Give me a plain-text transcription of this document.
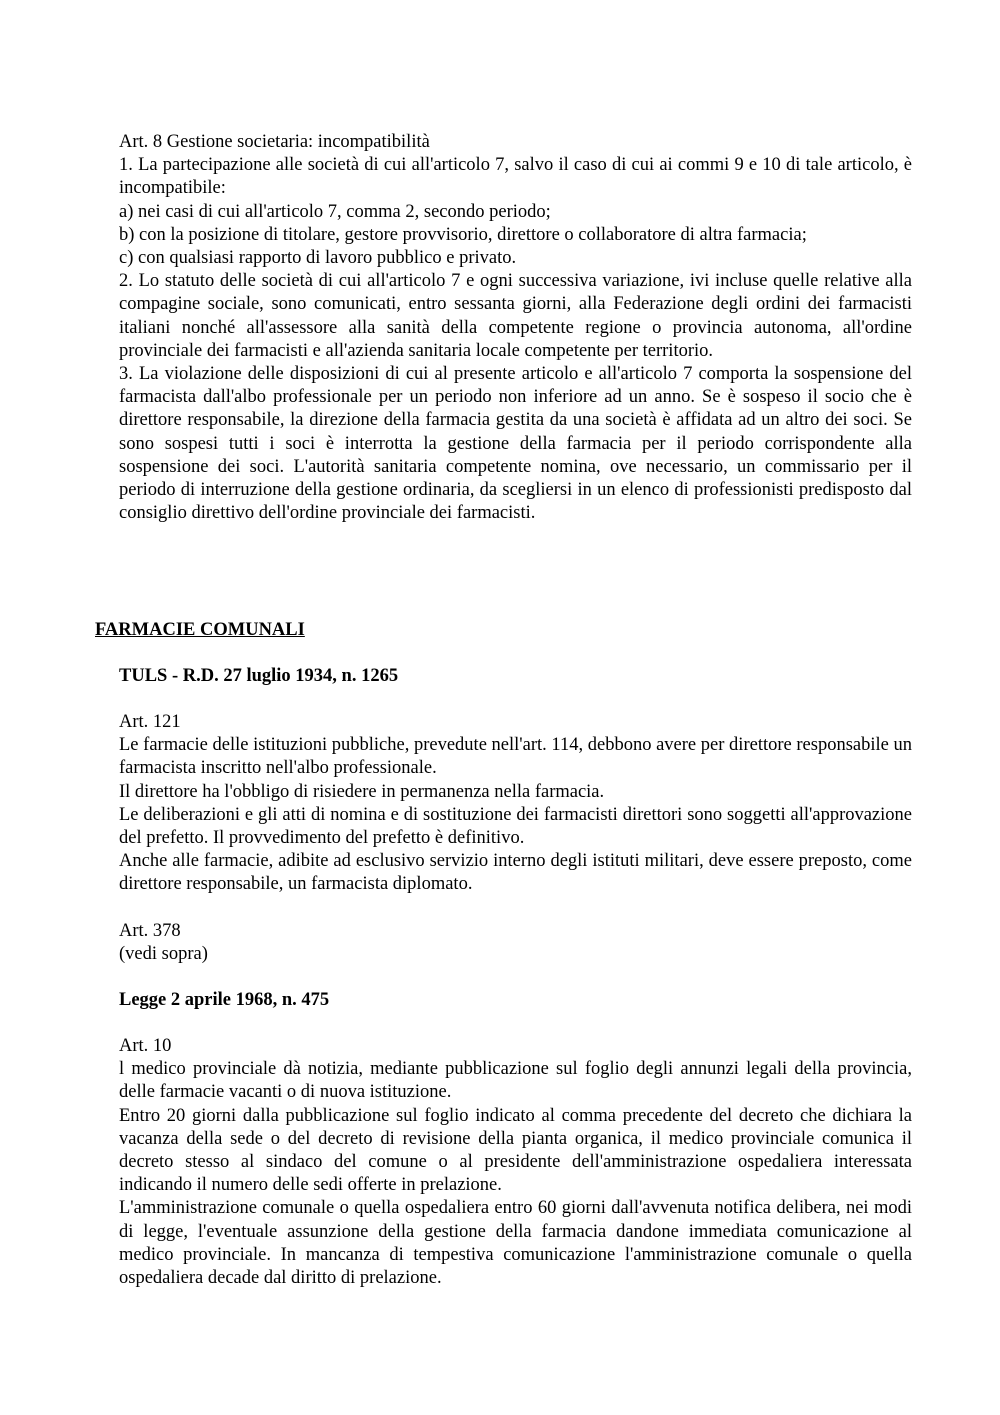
Art. 8 Gestione societaria: incompatibilità
1. La partecipazione alle società di cui all'articolo 7, salvo il caso di cui ai commi 9 e 10 di tale articolo, è incompatibile:
a) nei casi di cui all'articolo 7, comma 2, secondo periodo;
b) con la posizione di titolare, gestore provvisorio, direttore o collaboratore di altra farmacia;
c) con qualsiasi rapporto di lavoro pubblico e privato.
2. Lo statuto delle società di cui all'articolo 7 e ogni successiva variazione, ivi incluse quelle relative alla compagine sociale, sono comunicati, entro sessanta giorni, alla Federazione degli ordini dei farmacisti italiani nonché all'assessore alla sanità della competente regione o provincia autonoma, all'ordine provinciale dei farmacisti e all'azienda sanitaria locale competente per territorio.
3. La violazione delle disposizioni di cui al presente articolo e all'articolo 7 comporta la sospensione del farmacista dall'albo professionale per un periodo non inferiore ad un anno. Se è sospeso il socio che è direttore responsabile, la direzione della farmacia gestita da una società è affidata ad un altro dei soci. Se sono sospesi tutti i soci è interrotta la gestione della farmacia per il periodo corrispondente alla sospensione dei soci. L'autorità sanitaria competente nomina, ove necessario, un commissario per il periodo di interruzione della gestione ordinaria, da scegliersi in un elenco di professionisti predisposto dal consiglio direttivo dell'ordine provinciale dei farmacisti.
FARMACIE COMUNALI
TULS - R.D. 27 luglio 1934, n. 1265
Art. 121
Le farmacie delle istituzioni pubbliche, prevedute nell'art. 114, debbono avere per direttore responsabile un farmacista inscritto nell'albo professionale.
Il direttore ha l'obbligo di risiedere in permanenza nella farmacia.
Le deliberazioni e gli atti di nomina e di sostituzione dei farmacisti direttori sono soggetti all'approvazione del prefetto. Il provvedimento del prefetto è definitivo.
Anche alle farmacie, adibite ad esclusivo servizio interno degli istituti militari, deve essere preposto, come direttore responsabile, un farmacista diplomato.
Art. 378
(vedi sopra)
Legge 2 aprile 1968, n. 475
Art. 10
l medico provinciale dà notizia, mediante pubblicazione sul foglio degli annunzi legali della provincia, delle farmacie vacanti o di nuova istituzione.
Entro 20 giorni dalla pubblicazione sul foglio indicato al comma precedente del decreto che dichiara la vacanza della sede o del decreto di revisione della pianta organica, il medico provinciale comunica il decreto stesso al sindaco del comune o al presidente dell'amministrazione ospedaliera interessata indicando il numero delle sedi offerte in prelazione.
L'amministrazione comunale o quella ospedaliera entro 60 giorni dall'avvenuta notifica delibera, nei modi di legge, l'eventuale assunzione della gestione della farmacia dandone immediata comunicazione al medico provinciale. In mancanza di tempestiva comunicazione l'amministrazione comunale o quella ospedaliera decade dal diritto di prelazione.
